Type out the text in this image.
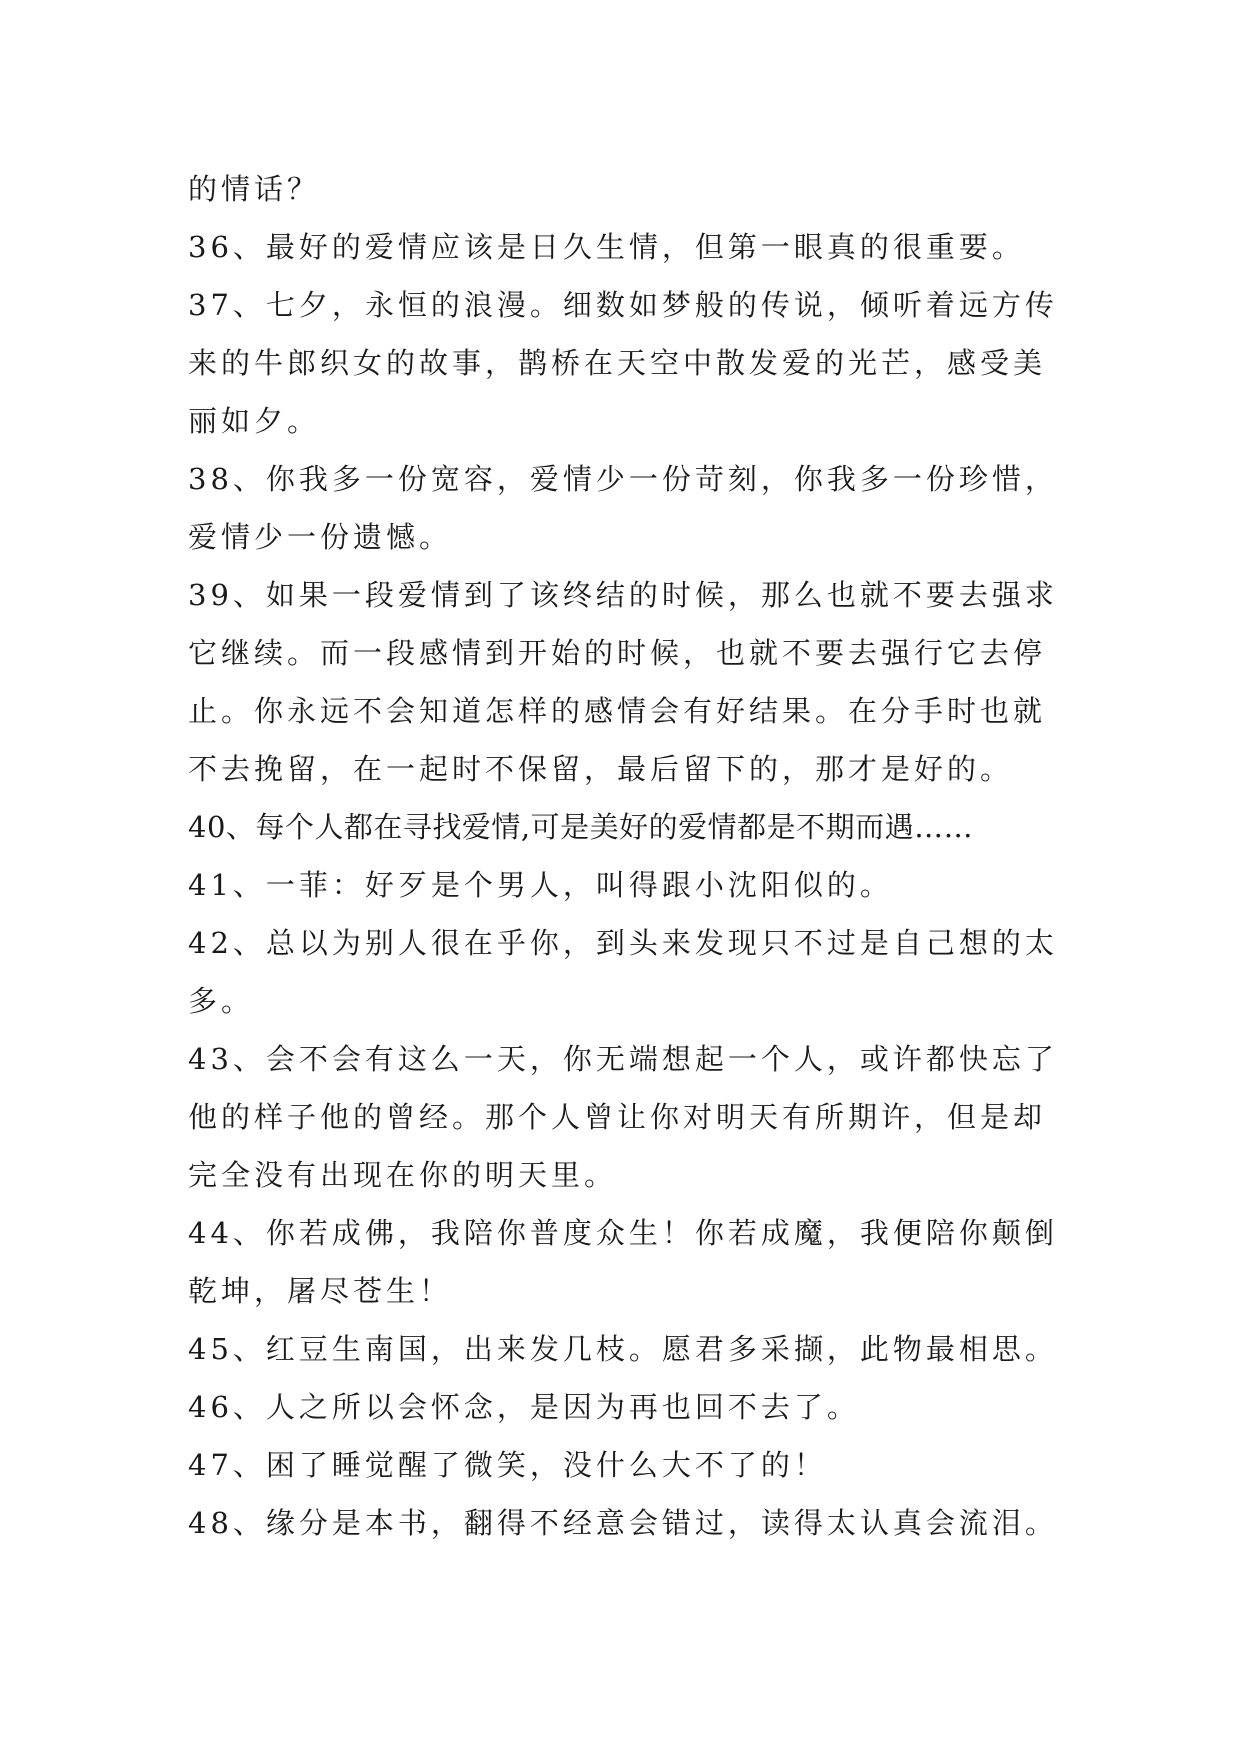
的情话？
36、最好的爱情应该是日久生情，但第一眼真的很重要。
37、七夕，永恒的浪漫。细数如梦般的传说，倾听着远方传
来的牛郎织女的故事，鹊桥在天空中散发爱的光芒，感受美
丽如夕。
38、你我多一份宽容，爱情少一份苛刻，你我多一份珍惜，
爱情少一份遗憾。
39、如果一段爱情到了该终结的时候，那么也就不要去强求
它继续。而一段感情到开始的时候，也就不要去强行它去停
止。你永远不会知道怎样的感情会有好结果。在分手时也就
不去挽留，在一起时不保留，最后留下的，那才是好的。
40、每个人都在寻找爱情,可是美好的爱情都是不期而遇……
41、一菲：好歹是个男人，叫得跟小沈阳似的。
42、总以为别人很在乎你，到头来发现只不过是自己想的太
多。
43、会不会有这么一天，你无端想起一个人，或许都快忘了
他的样子他的曾经。那个人曾让你对明天有所期许，但是却
完全没有出现在你的明天里。
44、你若成佛，我陪你普度众生！你若成魔，我便陪你颠倒
乾坤，屠尽苍生！
45、红豆生南国，出来发几枝。愿君多采撷，此物最相思。
46、人之所以会怀念，是因为再也回不去了。
47、困了睡觉醒了微笑，没什么大不了的！
48、缘分是本书，翻得不经意会错过，读得太认真会流泪。
